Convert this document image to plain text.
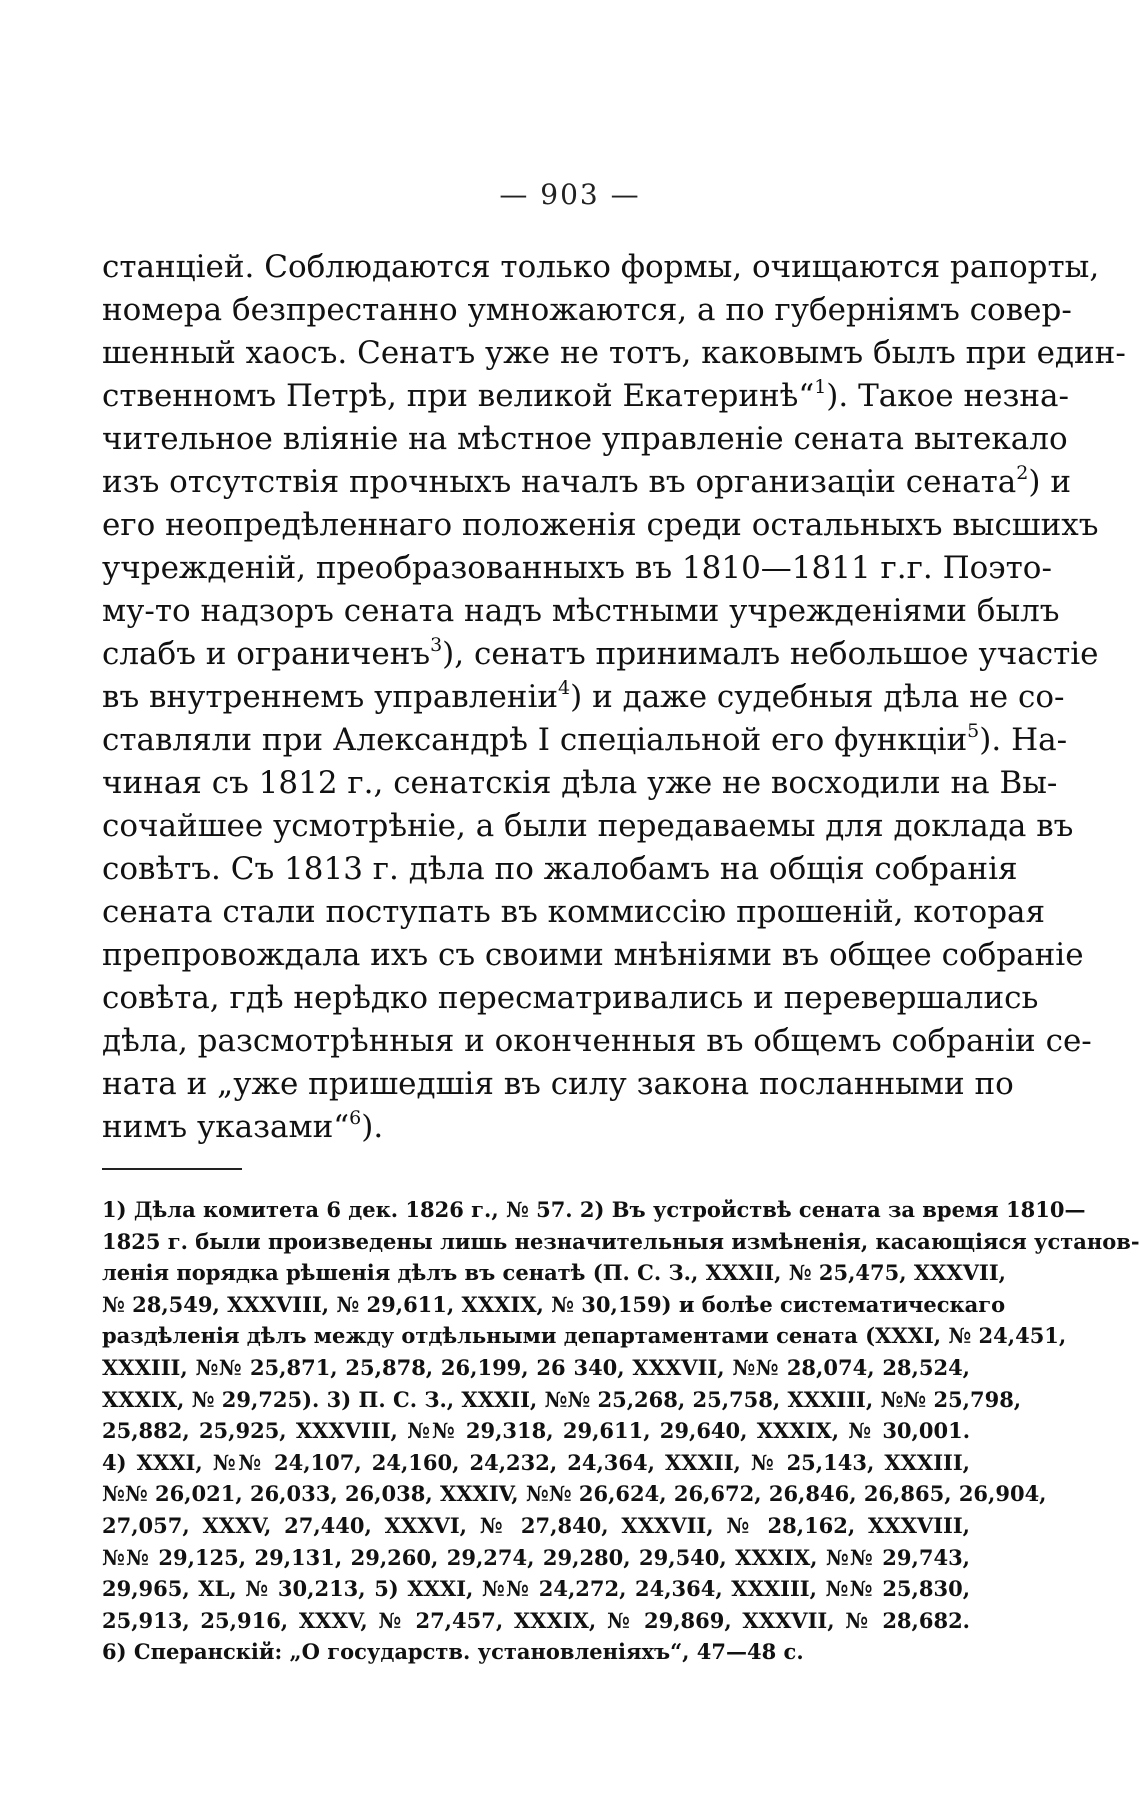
— 903 —
станціей. Соблюдаются только формы, очищаются рапорты,
номера безпрестанно умножаются, а по губерніямъ совер-
шенный хаосъ. Сенатъ уже не тотъ, каковымъ былъ при един-
ственномъ Петрѣ, при великой Екатеринѣ“$^1$). Такое незна-
чительное вліяніе на мѣстное управленіе сената вытекало
изъ отсутствія прочныхъ началъ въ организаціи сената$^2$) и
его неопредѣленнаго положенія среди остальныхъ высшихъ
учрежденій, преобразованныхъ въ 1810—1811 г.г. Поэто-
му-то надзоръ сената надъ мѣстными учрежденіями былъ
слабъ и ограниченъ$^3$), сенатъ принималъ небольшое участіе
въ внутреннемъ управленіи$^4$) и даже судебныя дѣла не со-
ставляли при Александрѣ I спеціальной его функціи$^5$). На-
чиная съ 1812 г., сенатскія дѣла уже не восходили на Вы-
сочайшее усмотрѣніе, а были передаваемы для доклада въ
совѣтъ. Съ 1813 г. дѣла по жалобамъ на общія собранія
сената стали поступать въ коммиссію прошеній, которая
препровождала ихъ съ своими мнѣніями въ общее собраніе
совѣта, гдѣ нерѣдко пересматривались и перевершались
дѣла, разсмотрѣнныя и оконченныя въ общемъ собраніи се-
ната и „уже пришедшія въ силу закона посланными по
нимъ указами“$^6$).
1) Дѣла комитета 6 дек. 1826 г., № 57. 2) Въ устройствѣ сената за время 1810—
1825 г. были произведены лишь незначительныя измѣненія, касающіяся установ-
ленія порядка рѣшенія дѣлъ въ сенатѣ (П. С. З., XXXII, № 25,475, XXXVII,
№ 28,549, XXXVIII, № 29,611, XXXIX, № 30,159) и болѣе систематическаго
раздѣленія дѣлъ между отдѣльными департаментами сената (XXXI, № 24,451,
XXXIII, №№ 25,871, 25,878, 26,199, 26 340, XXXVII, №№ 28,074, 28,524,
XXXIX, № 29,725). 3) П. С. З., XXXII, №№ 25,268, 25,758, XXXIII, №№ 25,798,
25,882, 25,925, XXXVIII, №№ 29,318, 29,611, 29,640, XXXIX, № 30,001.
4) XXXI, №№ 24,107, 24,160, 24,232, 24,364, XXXII, № 25,143, XXXIII,
№№ 26,021, 26,033, 26,038, XXXIV, №№ 26,624, 26,672, 26,846, 26,865, 26,904,
27,057, XXXV, 27,440, XXXVI, № 27,840, XXXVII, № 28,162, XXXVIII,
№№ 29,125, 29,131, 29,260, 29,274, 29,280, 29,540, XXXIX, №№ 29,743,
29,965, XL, № 30,213, 5) XXXI, №№ 24,272, 24,364, XXXIII, №№ 25,830,
25,913, 25,916, XXXV, № 27,457, XXXIX, № 29,869, XXXVII, № 28,682.
6) Сперанскій: „О государств. установленіяхъ“, 47—48 с.
